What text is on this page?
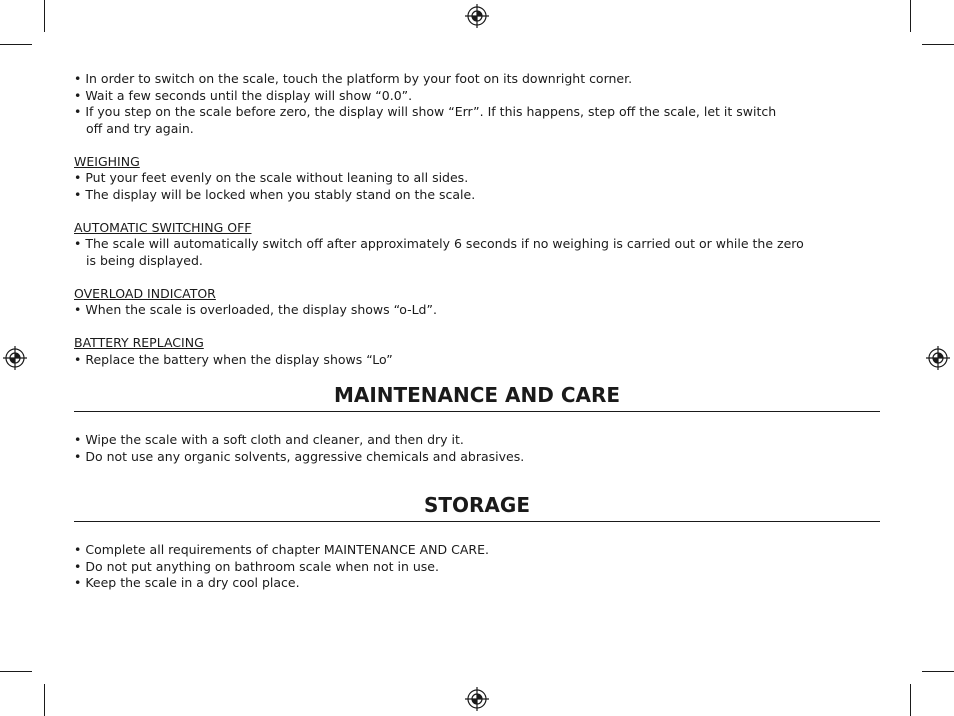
• In order to switch on the scale, touch the platform by your foot on its downright corner.
• Wait a few seconds until the display will show “0.0”.
• If you step on the scale before zero, the display will show “Err”. If this happens, step off the scale, let it switch
off and try again.
WEIGHING
• Put your feet evenly on the scale without leaning to all sides.
• The display will be locked when you stably stand on the scale.
AUTOMATIC SWITCHING OFF
• The scale will automatically switch off after approximately 6 seconds if no weighing is carried out or while the zero
is being displayed.
OVERLOAD INDICATOR
• When the scale is overloaded, the display shows “o-Ld”.
BATTERY REPLACING
• Replace the battery when the display shows “Lo”
MAINTENANCE AND CARE
• Wipe the scale with a soft cloth and cleaner, and then dry it.
• Do not use any organic solvents, aggressive chemicals and abrasives.
STORAGE
• Complete all requirements of chapter MAINTENANCE AND CARE.
• Do not put anything on bathroom scale when not in use.
• Keep the scale in a dry cool place.
